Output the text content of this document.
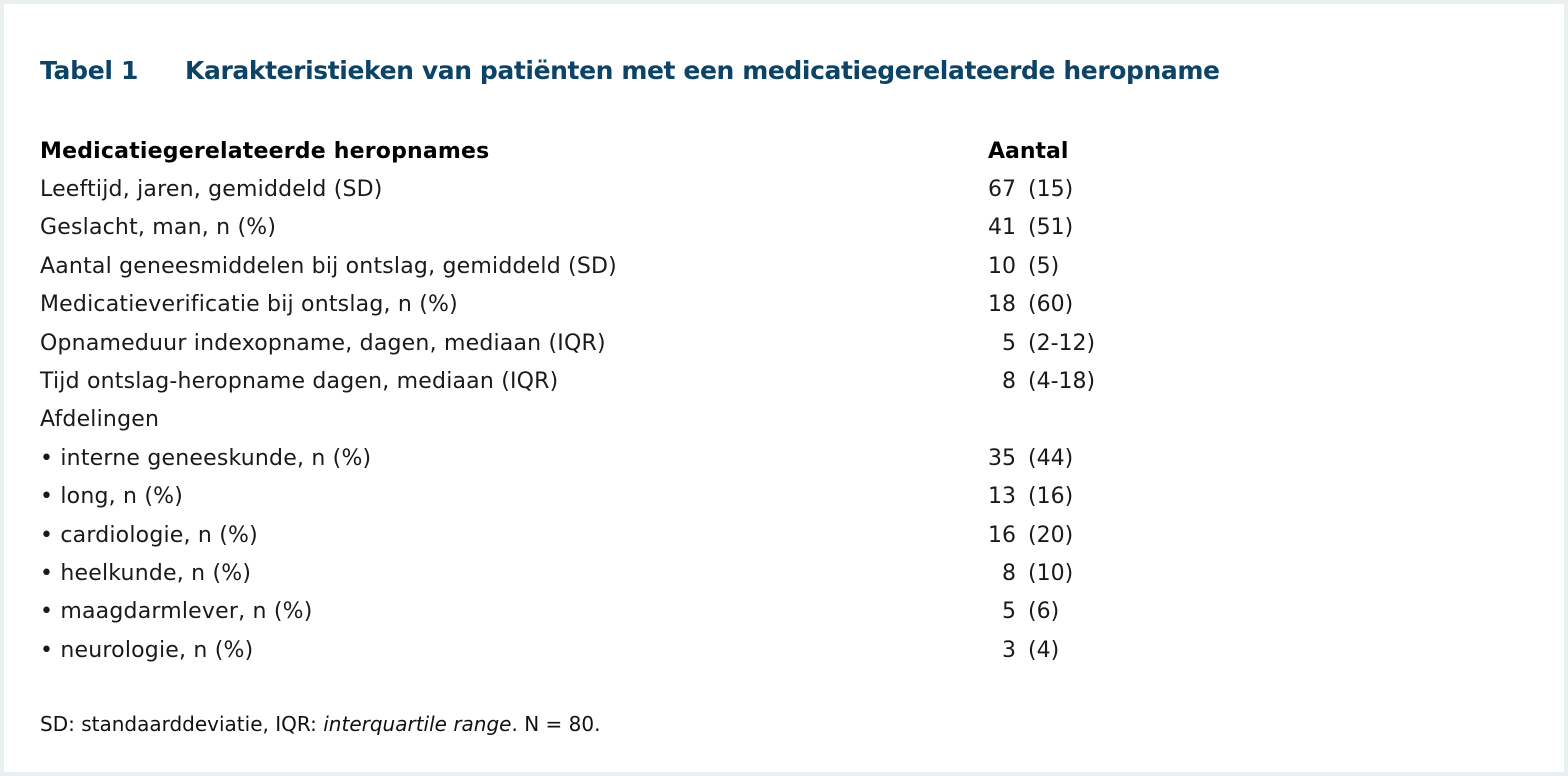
Tabel 1 Karakteristieken van patiënten met een medicatiegerelateerde heropname
Medicatiegerelateerde heropnames	Aantal	
Leeftijd, jaren, gemiddeld (SD)	67	(15)
Geslacht, man, n (%)	41	(51)
Aantal geneesmiddelen bij ontslag, gemiddeld (SD)	10	(5)
Medicatieverificatie bij ontslag, n (%)	18	(60)
Opnameduur indexopname, dagen, mediaan (IQR)	5	(2-12)
Tijd ontslag-heropname dagen, mediaan (IQR)	8	(4-18)
Afdelingen		
• interne geneeskunde, n (%)	35	(44)
• long, n (%)	13	(16)
• cardiologie, n (%)	16	(20)
• heelkunde, n (%)	8	(10)
• maagdarmlever, n (%)	5	(6)
• neurologie, n (%)	3	(4)
SD: standaarddeviatie, IQR: interquartile range. N = 80.
